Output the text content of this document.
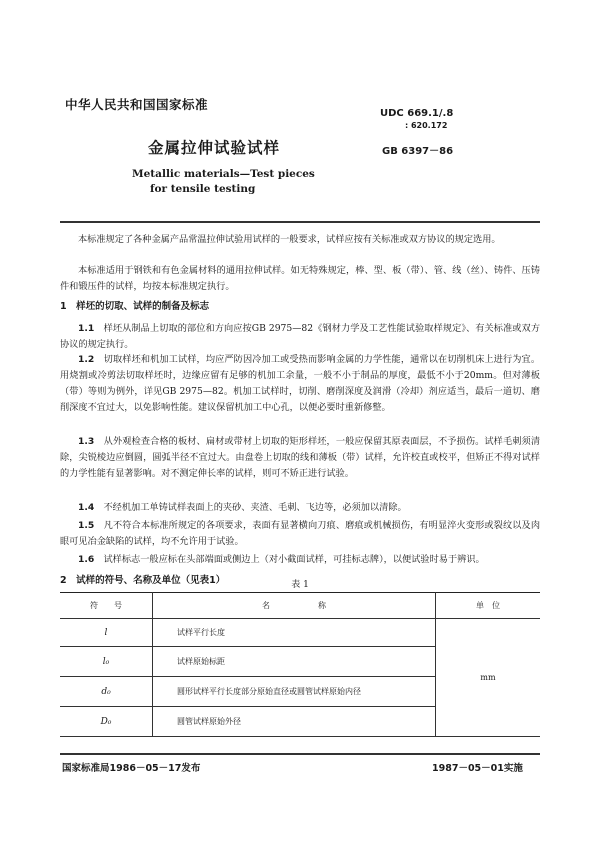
中华人民共和国国家标准
UDC 669.1/.8
: 620.172
金属拉伸试验试样	GB 6397－86
Metallic materials—Test pieces
for tensile testing

本标准规定了各种金属产品常温拉伸试验用试样的一般要求，试样应按有关标准或双方协议的规定选用。

本标准适用于钢铁和有色金属材料的通用拉伸试样。如无特殊规定，棒、型、板（带）、管、线（丝）、铸件、压铸件和锻压件的试样，均按本标准规定执行。

1　样坯的切取、试样的制备及标志

1.1　 样坯从制品上切取的部位和方向应按GB 2975—82《钢材力学及工艺性能试验取样规定》、有关标准或双方协议的规定执行。

1.2　 切取样坯和机加工试样，均应严防因冷加工或受热而影响金属的力学性能，通常以在切削机床上进行为宜。用烧割或冷剪法切取样坯时，边缘应留有足够的机加工余量，一般不小于制品的厚度，最低不小于20mm。但对薄板（带）等则为例外，详见GB 2975—82。机加工试样时，切削、磨削深度及润滑（冷却）剂应适当，最后一道切、磨削深度不宜过大，以免影响性能。建议保留机加工中心孔，以便必要时重新修整。

1.3　 从外观检查合格的板材、扁材或带材上切取的矩形样坯，一般应保留其原表面层，不予损伤。试样毛刺须清除，尖锐棱边应倒圆，圆弧半径不宜过大。由盘卷上切取的线和薄板（带）试样，允许校直或校平，但矫正不得对试样的力学性能有显著影响。对不测定伸长率的试样，则可不矫正进行试验。

1.4　 不经机加工单铸试样表面上的夹砂、夹渣、毛刺、飞边等，必须加以清除。

1.5　 凡不符合本标准所规定的各项要求，表面有显著横向刀痕、磨痕或机械损伤，有明显淬火变形或裂纹以及肉眼可见冶金缺陷的试样，均不允许用于试验。

1.6　 试样标志一般应标在头部端面或侧边上（对小截面试样，可挂标志牌），以便试验时易于辨识。

2　试样的符号、名称及单位（见表1）	表 1
符　　号	名　　　　　　称	单　位
l	试样平行长度	mm
l₀	试样原始标距	
d₀	圆形试样平行长度部分原始直径或圆管试样原始内径	
D₀	圆管试样原始外径	
国家标准局1986－05－17发布	1987－05－01实施
